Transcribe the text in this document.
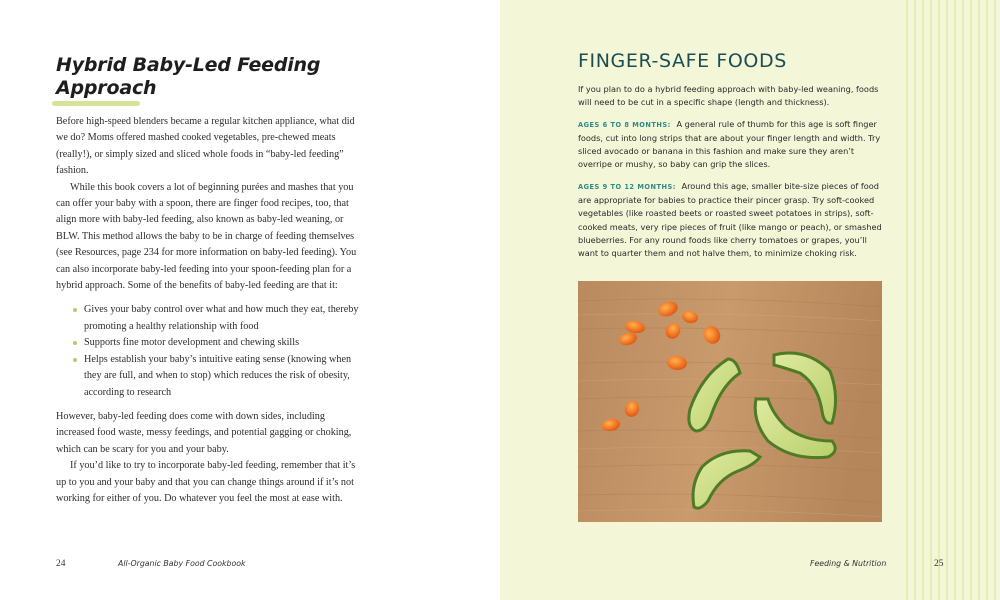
Hybrid Baby-Led Feeding
Approach

Before high-speed blenders became a regular kitchen appliance, what did we do? Moms offered mashed cooked vegetables, pre-chewed meats (really!), or simply sized and sliced whole foods in “baby-led feeding” fashion.

While this book covers a lot of beginning purées and mashes that you can offer your baby with a spoon, there are finger food recipes, too, that align more with baby-led feeding, also known as baby-led weaning, or BLW. This method allows the baby to be in charge of feeding themselves (see Resources, page 234 for more information on baby-led feeding). You can also incorporate baby-led feeding into your spoon-feeding plan for a hybrid approach. Some of the benefits of baby-led feeding are that it:

Gives your baby control over what and how much they eat, thereby promoting a healthy relationship with food
Supports fine motor development and chewing skills
Helps establish your baby’s intuitive eating sense (knowing when they are full, and when to stop) which reduces the risk of obesity, according to research

However, baby-led feeding does come with down sides, including increased food waste, messy feedings, and potential gagging or choking, which can be scary for you and your baby.

If you’d like to try to incorporate baby-led feeding, remember that it’s up to you and your baby and that you can change things around if it’s not working for either of you. Do whatever you feel the most at ease with.

24	All-Organic Baby Food Cookbook
FINGER-SAFE FOODS

If you plan to do a hybrid feeding approach with baby-led weaning, foods will need to be cut in a specific shape (length and thickness).

AGES 6 TO 8 MONTHS: A general rule of thumb for this age is soft finger foods, cut into long strips that are about your finger length and width. Try sliced avocado or banana in this fashion and make sure they aren’t overripe or mushy, so baby can grip the slices.

AGES 9 TO 12 MONTHS: Around this age, smaller bite-size pieces of food are appropriate for babies to practice their pincer grasp. Try soft-cooked vegetables (like roasted beets or roasted sweet potatoes in strips), soft-cooked meats, very ripe pieces of fruit (like mango or peach), or smashed blueberries. For any round foods like cherry tomatoes or grapes, you’ll want to quarter them and not halve them, to minimize choking risk.

Feeding & Nutrition	25
